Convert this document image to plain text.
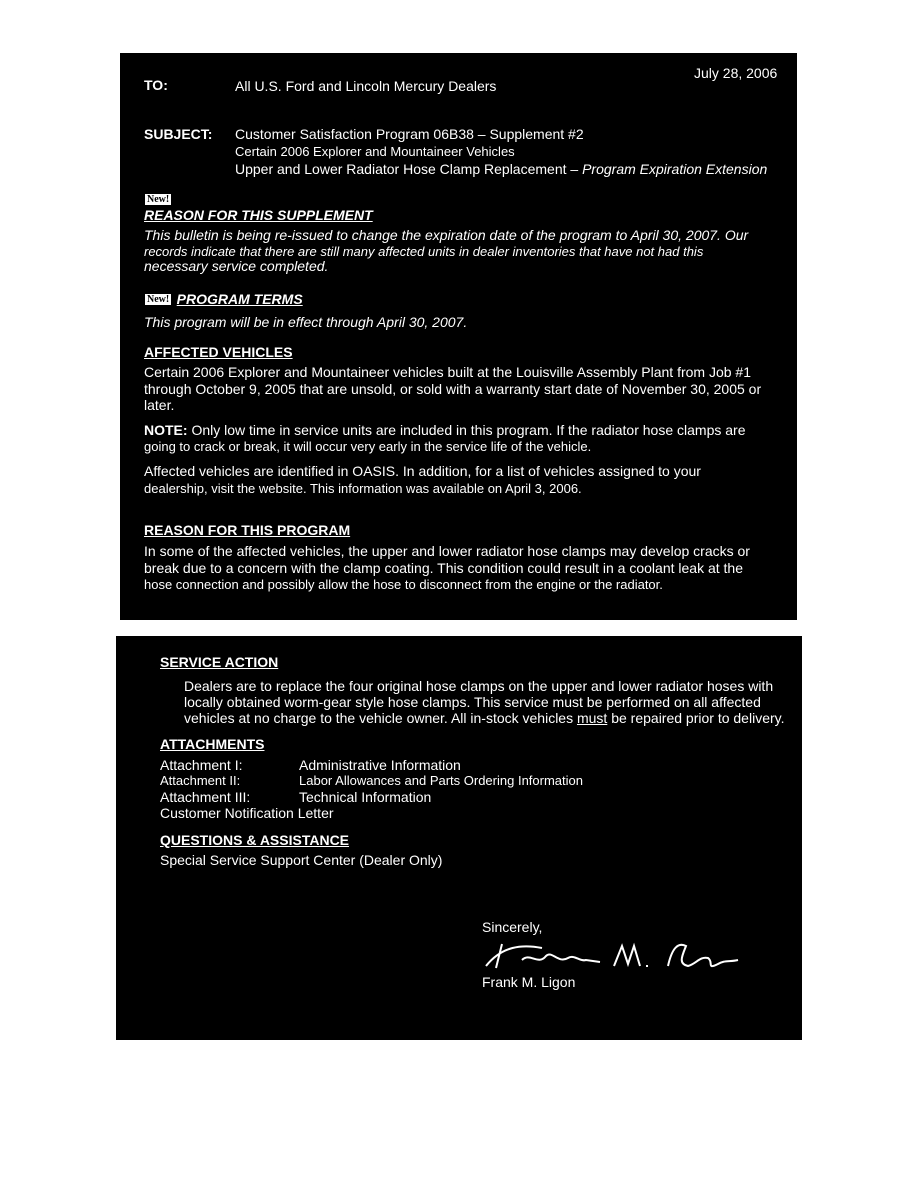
July 28, 2006
TO:	All U.S. Ford and Lincoln Mercury Dealers
SUBJECT: Customer Satisfaction Program 06B38 – Supplement #2
Certain 2006 Explorer and Mountaineer Vehicles
Upper and Lower Radiator Hose Clamp Replacement – Program Expiration Extension
New!
REASON FOR THIS SUPPLEMENT
This bulletin is being re-issued to change the expiration date of the program to April 30, 2007. Our
records indicate that there are still many affected units in dealer inventories that have not had this
necessary service completed.
New! PROGRAM TERMS
This program will be in effect through April 30, 2007.
AFFECTED VEHICLES
Certain 2006 Explorer and Mountaineer vehicles built at the Louisville Assembly Plant from Job #1
through October 9, 2005 that are unsold, or sold with a warranty start date of November 30, 2005 or
later.
NOTE: Only low time in service units are included in this program. If the radiator hose clamps are
going to crack or break, it will occur very early in the service life of the vehicle.
Affected vehicles are identified in OASIS. In addition, for a list of vehicles assigned to your
dealership, visit the website. This information was available on April 3, 2006.
REASON FOR THIS PROGRAM
In some of the affected vehicles, the upper and lower radiator hose clamps may develop cracks or
break due to a concern with the clamp coating. This condition could result in a coolant leak at the
hose connection and possibly allow the hose to disconnect from the engine or the radiator.
SERVICE ACTION
Dealers are to replace the four original hose clamps on the upper and lower radiator hoses with
locally obtained worm-gear style hose clamps. This service must be performed on all affected
vehicles at no charge to the vehicle owner. All in-stock vehicles must be repaired prior to delivery.
ATTACHMENTS
Attachment I:	Administrative Information
Attachment II:	Labor Allowances and Parts Ordering Information
Attachment III:	Technical Information
Customer Notification Letter
QUESTIONS & ASSISTANCE
Special Service Support Center (Dealer Only)
Sincerely,
Frank M. Ligon
